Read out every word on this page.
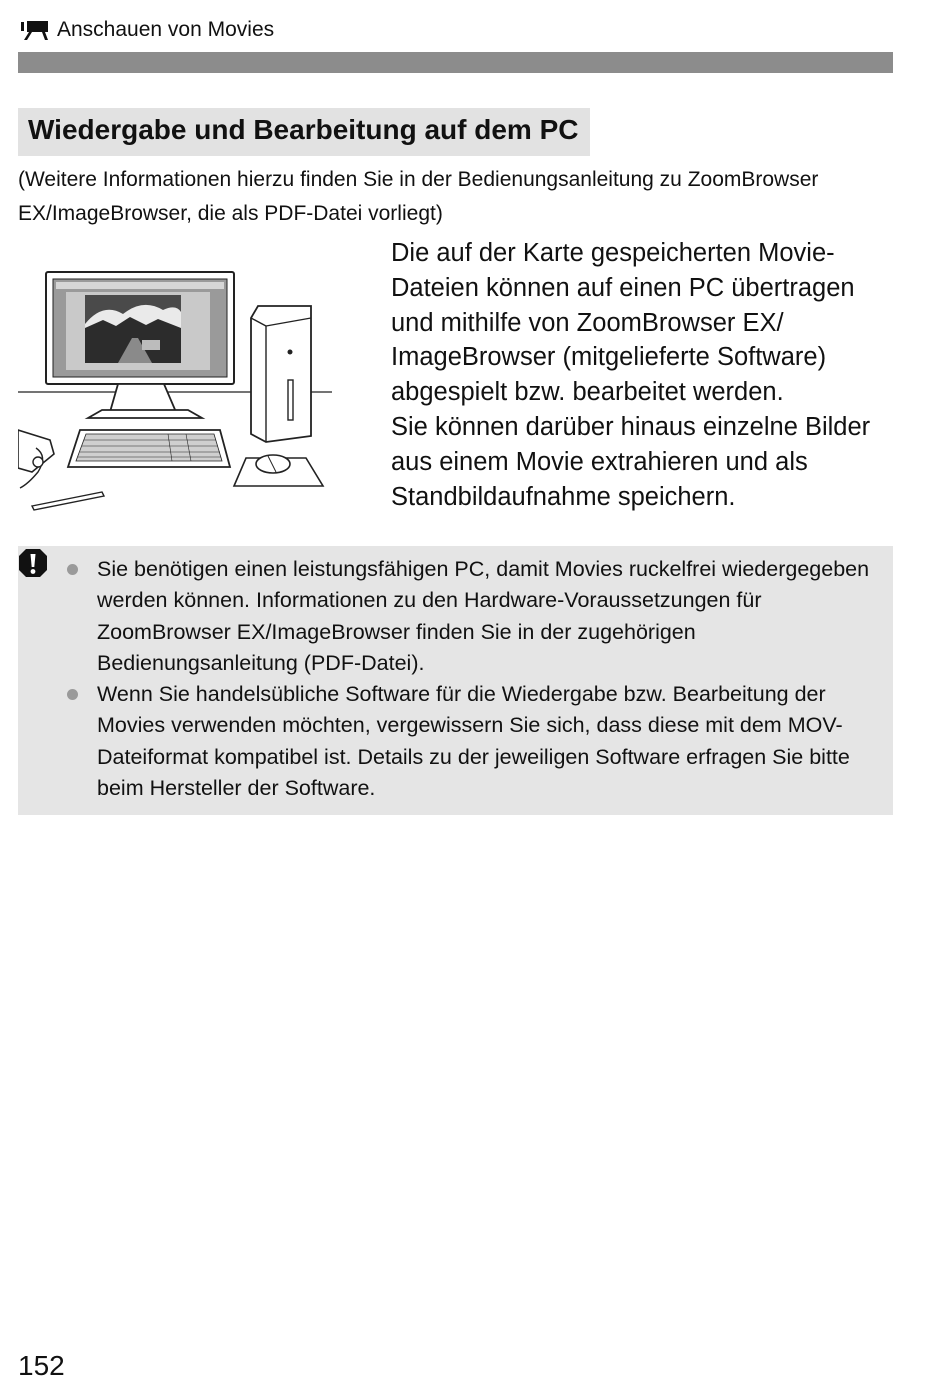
Anschauen von Movies
Wiedergabe und Bearbeitung auf dem PC
(Weitere Informationen hierzu finden Sie in der Bedienungsanleitung zu ZoomBrowser EX/ImageBrowser, die als PDF-Datei vorliegt)

Die auf der Karte gespeicherten Movie-Dateien können auf einen PC übertragen und mithilfe von ZoomBrowser EX/ ImageBrowser (mitgelieferte Software) abgespielt bzw. bearbeitet werden.

Sie können darüber hinaus einzelne Bilder aus einem Movie extrahieren und als Standbildaufnahme speichern.

Sie benötigen einen leistungsfähigen PC, damit Movies ruckelfrei wiedergegeben werden können. Informationen zu den Hardware-Voraussetzungen für ZoomBrowser EX/ImageBrowser finden Sie in der zugehörigen Bedienungsanleitung (PDF-Datei).
Wenn Sie handelsübliche Software für die Wiedergabe bzw. Bearbeitung der Movies verwenden möchten, vergewissern Sie sich, dass diese mit dem MOV-Dateiformat kompatibel ist. Details zu der jeweiligen Software erfragen Sie bitte beim Hersteller der Software.
152
